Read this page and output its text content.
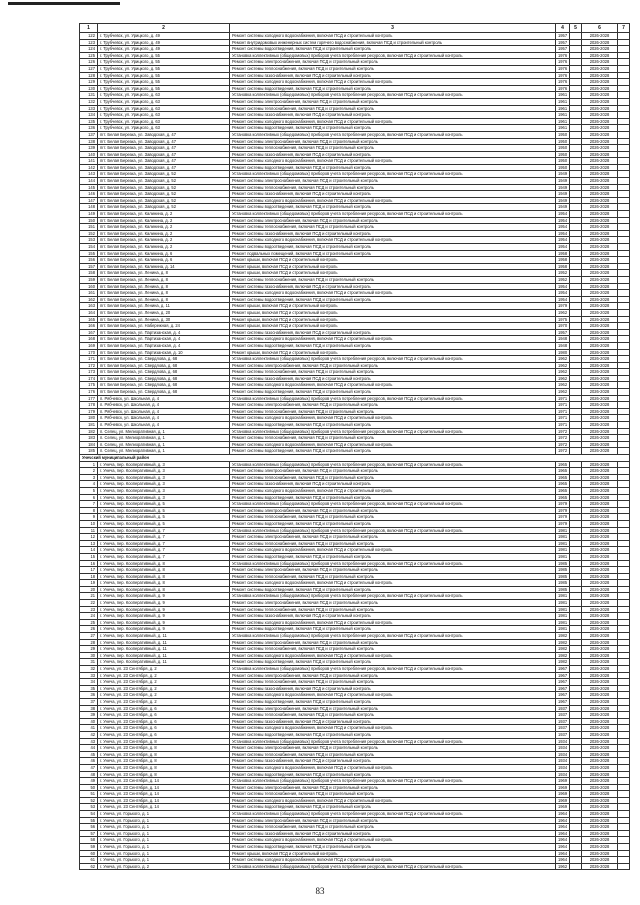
1	2	3	4	5	6	7
122	г. Трубчевск, ул. Урицкого, д. 49	Ремонт системы холодного водоснабжения, включая ПСД и строительный контроль	1957		2026-2028	
123	г. Трубчевск, ул. Урицкого, д. 49	Ремонт внутридомовых инженерных систем горячего водоснабжения, включая ПСД и строительный контроль	1957		2026-2028	
124	г. Трубчевск, ул. Урицкого, д. 49	Ремонт системы водоотведения, включая ПСД и строительный контроль	1957		2026-2028	
125	г. Трубчевск, ул. Урицкого, д. 55	Установка коллективных (общедомовых) приборов учета потребления ресурсов, включая ПСД и строительный контроль	1976		2026-2028	
126	г. Трубчевск, ул. Урицкого, д. 55	Ремонт системы электроснабжения, включая ПСД и строительный контроль	1976		2026-2028	
127	г. Трубчевск, ул. Урицкого, д. 55	Ремонт системы теплоснабжения, включая ПСД и строительный контроль	1976		2026-2028	
128	г. Трубчевск, ул. Урицкого, д. 55	Ремонт системы газоснабжения, включая ПСД и строительный контроль	1976		2026-2028	
129	г. Трубчевск, ул. Урицкого, д. 55	Ремонт системы холодного водоснабжения, включая ПСД и строительный контроль	1976		2026-2028	
130	г. Трубчевск, ул. Урицкого, д. 55	Ремонт системы водоотведения, включая ПСД и строительный контроль	1976		2026-2028	
131	г. Трубчевск, ул. Урицкого, д. 63	Установка коллективных (общедомовых) приборов учета потребления ресурсов, включая ПСД и строительный контроль	1961		2026-2028	
132	г. Трубчевск, ул. Урицкого, д. 63	Ремонт системы электроснабжения, включая ПСД и строительный контроль	1961		2026-2028	
133	г. Трубчевск, ул. Урицкого, д. 63	Ремонт системы теплоснабжения, включая ПСД и строительный контроль	1961		2026-2028	
134	г. Трубчевск, ул. Урицкого, д. 63	Ремонт системы газоснабжения, включая ПСД и строительный контроль	1961		2026-2028	
135	г. Трубчевск, ул. Урицкого, д. 63	Ремонт системы холодного водоснабжения, включая ПСД и строительный контроль	1961		2026-2028	
136	г. Трубчевск, ул. Урицкого, д. 63	Ремонт системы водоотведения, включая ПСД и строительный контроль	1961		2026-2028	
137	пгт. Белая Березка, ул. Заводская, д. 47	Установка коллективных (общедомовых) приборов учета потребления ресурсов, включая ПСД и строительный контроль	1950		2026-2028	
138	пгт. Белая Березка, ул. Заводская, д. 47	Ремонт системы электроснабжения, включая ПСД и строительный контроль	1950		2026-2028	
139	пгт. Белая Березка, ул. Заводская, д. 47	Ремонт системы теплоснабжения, включая ПСД и строительный контроль	1950		2026-2028	
140	пгт. Белая Березка, ул. Заводская, д. 47	Ремонт системы газоснабжения, включая ПСД и строительный контроль	1950		2026-2028	
141	пгт. Белая Березка, ул. Заводская, д. 47	Ремонт системы холодного водоснабжения, включая ПСД и строительный контроль	1950		2026-2028	
142	пгт. Белая Березка, ул. Заводская, д. 47	Ремонт системы водоотведения, включая ПСД и строительный контроль	1950		2026-2028	
143	пгт. Белая Березка, ул. Заводская, д. 52	Установка коллективных (общедомовых) приборов учета потребления ресурсов, включая ПСД и строительный контроль	1949		2026-2028	
144	пгт. Белая Березка, ул. Заводская, д. 52	Ремонт системы электроснабжения, включая ПСД и строительный контроль	1949		2026-2028	
145	пгт. Белая Березка, ул. Заводская, д. 52	Ремонт системы теплоснабжения, включая ПСД и строительный контроль	1949		2026-2028	
146	пгт. Белая Березка, ул. Заводская, д. 52	Ремонт системы газоснабжения, включая ПСД и строительный контроль	1949		2026-2028	
147	пгт. Белая Березка, ул. Заводская, д. 52	Ремонт системы холодного водоснабжения, включая ПСД и строительный контроль	1949		2026-2028	
148	пгт. Белая Березка, ул. Заводская, д. 52	Ремонт системы водоотведения, включая ПСД и строительный контроль	1949		2026-2028	
149	пгт. Белая Березка, ул. Калинина, д. 2	Установка коллективных (общедомовых) приборов учета потребления ресурсов, включая ПСД и строительный контроль	1954		2026-2028	
150	пгт. Белая Березка, ул. Калинина, д. 2	Ремонт системы электроснабжения, включая ПСД и строительный контроль	1954		2026-2028	
151	пгт. Белая Березка, ул. Калинина, д. 2	Ремонт системы теплоснабжения, включая ПСД и строительный контроль	1954		2026-2028	
152	пгт. Белая Березка, ул. Калинина, д. 2	Ремонт системы газоснабжения, включая ПСД и строительный контроль	1954		2026-2028	
153	пгт. Белая Березка, ул. Калинина, д. 2	Ремонт системы холодного водоснабжения, включая ПСД и строительный контроль	1954		2026-2028	
154	пгт. Белая Березка, ул. Калинина, д. 2	Ремонт системы водоотведения, включая ПСД и строительный контроль	1954		2026-2028	
155	пгт. Белая Березка, ул. Калинина, д. 6	Ремонт подвальных помещений, включая ПСД и строительный контроль	1958		2026-2028	
156	пгт. Белая Березка, ул. Калинина, д. 6	Ремонт крыши, включая ПСД и строительный контроль	1958		2026-2028	
157	пгт. Белая Березка, ул. Калинина, д. 14	Ремонт крыши, включая ПСД и строительный контроль	1958		2026-2028	
158	пгт. Белая Березка, ул. Ленина, д. 8	Ремонт крыши, включая ПСД и строительный контроль	1952		2026-2028	
159	пгт. Белая Березка, ул. Ленина, д. 8	Ремонт системы теплоснабжения, включая ПСД и строительный контроль	1952		2026-2028	
160	пгт. Белая Березка, ул. Ленина, д. 8	Ремонт системы газоснабжения, включая ПСД и строительный контроль	1954		2026-2028	
161	пгт. Белая Березка, ул. Ленина, д. 8	Ремонт системы холодного водоснабжения, включая ПСД и строительный контроль	1954		2026-2028	
162	пгт. Белая Березка, ул. Ленина, д. 8	Ремонт системы водоотведения, включая ПСД и строительный контроль	1954		2026-2028	
163	пгт. Белая Березка, ул. Ленина, д. 11	Ремонт крыши, включая ПСД и строительный контроль	1979		2026-2028	
164	пгт. Белая Березка, ул. Ленина, д. 20	Ремонт крыши, включая ПСД и строительный контроль	1962		2026-2028	
165	пгт. Белая Березка, ул. Ленина, д. 30	Ремонт крыши, включая ПСД и строительный контроль	1975		2026-2028	
166	пгт. Белая Березка, ул. Набережная, д. 24	Ремонт крыши, включая ПСД и строительный контроль	1970		2026-2028	
167	пгт. Белая Березка, ул. Партизанская, д. 4	Ремонт системы газоснабжения, включая ПСД и строительный контроль	1957		2026-2028	
168	пгт. Белая Березка, ул. Партизанская, д. 4	Ремонт системы холодного водоснабжения, включая ПСД и строительный контроль	1948		2026-2028	
169	пгт. Белая Березка, ул. Партизанская, д. 4	Ремонт системы водоотведения, включая ПСД и строительный контроль	1948		2026-2028	
170	пгт. Белая Березка, ул. Партизанская, д. 10	Ремонт крыши, включая ПСД и строительный контроль	1980		2026-2028	
171	пгт. Белая Березка, ул. Свердлова, д. 68	Установка коллективных (общедомовых) приборов учета потребления ресурсов, включая ПСД и строительный контроль	1962		2026-2028	
172	пгт. Белая Березка, ул. Свердлова, д. 68	Ремонт системы электроснабжения, включая ПСД и строительный контроль	1962		2026-2028	
173	пгт. Белая Березка, ул. Свердлова, д. 68	Ремонт системы теплоснабжения, включая ПСД и строительный контроль	1962		2026-2028	
174	пгт. Белая Березка, ул. Свердлова, д. 68	Ремонт системы газоснабжения, включая ПСД и строительный контроль	1962		2026-2028	
175	пгт. Белая Березка, ул. Свердлова, д. 68	Ремонт системы холодного водоснабжения, включая ПСД и строительный контроль	1962		2026-2028	
176	пгт. Белая Березка, ул. Свердлова, д. 68	Ремонт системы водоотведения, включая ПСД и строительный контроль	1962		2026-2028	
177	п. Рябчевск, ул. Школьная, д. 4	Установка коллективных (общедомовых) приборов учета потребления ресурсов, включая ПСД и строительный контроль	1971		2026-2028	
178	п. Рябчевск, ул. Школьная, д. 4	Ремонт системы электроснабжения, включая ПСД и строительный контроль	1971		2026-2028	
179	п. Рябчевск, ул. Школьная, д. 4	Ремонт системы теплоснабжения, включая ПСД и строительный контроль	1971		2026-2028	
180	п. Рябчевск, ул. Школьная, д. 4	Ремонт системы холодного водоснабжения, включая ПСД и строительный контроль	1971		2026-2028	
181	п. Рябчевск, ул. Школьная, д. 4	Ремонт системы водоотведения, включая ПСД и строительный контроль	1971		2026-2028	
182	п. Селец, ул. Мелиоративная, д. 1	Установка коллективных (общедомовых) приборов учета потребления ресурсов, включая ПСД и строительный контроль	1972		2026-2028	
183	п. Селец, ул. Мелиоративная, д. 1	Ремонт системы теплоснабжения, включая ПСД и строительный контроль	1972		2026-2028	
184	п. Селец, ул. Мелиоративная, д. 1	Ремонт системы холодного водоснабжения, включая ПСД и строительный контроль	1972		2026-2028	
185	п. Селец, ул. Мелиоративная, д. 1	Ремонт системы водоотведения, включая ПСД и строительный контроль	1972		2026-2028	
Унечский муниципальный район						
1	г. Унеча, пер. Кооперативный, д. 3	Установка коллективных (общедомовых) приборов учета потребления ресурсов, включая ПСД и строительный контроль	1965		2026-2028	
2	г. Унеча, пер. Кооперативный, д. 3	Ремонт системы электроснабжения, включая ПСД и строительный контроль	1965		2026-2028	
3	г. Унеча, пер. Кооперативный, д. 3	Ремонт системы теплоснабжения, включая ПСД и строительный контроль	1965		2026-2028	
4	г. Унеча, пер. Кооперативный, д. 3	Ремонт системы газоснабжения, включая ПСД и строительный контроль	1965		2026-2028	
5	г. Унеча, пер. Кооперативный, д. 3	Ремонт системы холодного водоснабжения, включая ПСД и строительный контроль	1965		2026-2028	
6	г. Унеча, пер. Кооперативный, д. 3	Ремонт системы водоотведения, включая ПСД и строительный контроль	1965		2026-2028	
7	г. Унеча, пер. Кооперативный, д. 5	Установка коллективных (общедомовых) приборов учета потребления ресурсов, включая ПСД и строительный контроль	1979		2026-2028	
8	г. Унеча, пер. Кооперативный, д. 5	Ремонт системы электроснабжения, включая ПСД и строительный контроль	1979		2026-2028	
9	г. Унеча, пер. Кооперативный, д. 5	Ремонт системы теплоснабжения, включая ПСД и строительный контроль	1979		2026-2028	
10	г. Унеча, пер. Кооперативный, д. 5	Ремонт системы водоотведения, включая ПСД и строительный контроль	1979		2026-2028	
11	г. Унеча, пер. Кооперативный, д. 7	Установка коллективных (общедомовых) приборов учета потребления ресурсов, включая ПСД и строительный контроль	1981		2026-2028	
12	г. Унеча, пер. Кооперативный, д. 7	Ремонт системы электроснабжения, включая ПСД и строительный контроль	1981		2026-2028	
13	г. Унеча, пер. Кооперативный, д. 7	Ремонт системы теплоснабжения, включая ПСД и строительный контроль	1981		2026-2028	
14	г. Унеча, пер. Кооперативный, д. 7	Ремонт системы холодного водоснабжения, включая ПСД и строительный контроль	1981		2026-2028	
15	г. Унеча, пер. Кооперативный, д. 7	Ремонт системы водоотведения, включая ПСД и строительный контроль	1981		2026-2028	
16	г. Унеча, пер. Кооперативный, д. 8	Установка коллективных (общедомовых) приборов учета потребления ресурсов, включая ПСД и строительный контроль	1985		2026-2028	
17	г. Унеча, пер. Кооперативный, д. 8	Ремонт системы электроснабжения, включая ПСД и строительный контроль	1985		2026-2028	
18	г. Унеча, пер. Кооперативный, д. 8	Ремонт системы теплоснабжения, включая ПСД и строительный контроль	1985		2026-2028	
19	г. Унеча, пер. Кооперативный, д. 8	Ремонт системы холодного водоснабжения, включая ПСД и строительный контроль	1985		2026-2028	
20	г. Унеча, пер. Кооперативный, д. 8	Ремонт системы водоотведения, включая ПСД и строительный контроль	1985		2026-2028	
21	г. Унеча, пер. Кооперативный, д. 9	Установка коллективных (общедомовых) приборов учета потребления ресурсов, включая ПСД и строительный контроль	1981		2026-2028	
22	г. Унеча, пер. Кооперативный, д. 9	Ремонт системы электроснабжения, включая ПСД и строительный контроль	1981		2026-2028	
23	г. Унеча, пер. Кооперативный, д. 9	Ремонт системы теплоснабжения, включая ПСД и строительный контроль	1981		2026-2028	
24	г. Унеча, пер. Кооперативный, д. 9	Ремонт системы газоснабжения, включая ПСД и строительный контроль	1981		2026-2028	
25	г. Унеча, пер. Кооперативный, д. 9	Ремонт системы холодного водоснабжения, включая ПСД и строительный контроль	1981		2026-2028	
26	г. Унеча, пер. Кооперативный, д. 9	Ремонт системы водоотведения, включая ПСД и строительный контроль	1981		2026-2028	
27	г. Унеча, пер. Кооперативный, д. 11	Установка коллективных (общедомовых) приборов учета потребления ресурсов, включая ПСД и строительный контроль	1982		2026-2028	
28	г. Унеча, пер. Кооперативный, д. 11	Ремонт системы электроснабжения, включая ПСД и строительный контроль	1982		2026-2028	
29	г. Унеча, пер. Кооперативный, д. 11	Ремонт системы теплоснабжения, включая ПСД и строительный контроль	1982		2026-2028	
30	г. Унеча, пер. Кооперативный, д. 11	Ремонт системы холодного водоснабжения, включая ПСД и строительный контроль	1982		2026-2028	
31	г. Унеча, пер. Кооперативный, д. 11	Ремонт системы водоотведения, включая ПСД и строительный контроль	1982		2026-2028	
32	г. Унеча, ул. 23 Сентября, д. 2	Установка коллективных (общедомовых) приборов учета потребления ресурсов, включая ПСД и строительный контроль	1967		2026-2028	
33	г. Унеча, ул. 23 Сентября, д. 2	Ремонт системы электроснабжения, включая ПСД и строительный контроль	1967		2026-2028	
34	г. Унеча, ул. 23 Сентября, д. 2	Ремонт системы теплоснабжения, включая ПСД и строительный контроль	1967		2026-2028	
35	г. Унеча, ул. 23 Сентября, д. 2	Ремонт системы газоснабжения, включая ПСД и строительный контроль	1967		2026-2028	
36	г. Унеча, ул. 23 Сентября, д. 2	Ремонт системы холодного водоснабжения, включая ПСД и строительный контроль	1967		2026-2028	
37	г. Унеча, ул. 23 Сентября, д. 2	Ремонт системы водоотведения, включая ПСД и строительный контроль	1967		2026-2028	
38	г. Унеча, ул. 23 Сентября, д. 6	Ремонт системы электроснабжения, включая ПСД и строительный контроль	1937		2026-2028	
39	г. Унеча, ул. 23 Сентября, д. 6	Ремонт системы теплоснабжения, включая ПСД и строительный контроль	1937		2026-2028	
40	г. Унеча, ул. 23 Сентября, д. 6	Ремонт системы газоснабжения, включая ПСД и строительный контроль	1937		2026-2028	
41	г. Унеча, ул. 23 Сентября, д. 6	Ремонт системы холодного водоснабжения, включая ПСД и строительный контроль	1937		2026-2028	
42	г. Унеча, ул. 23 Сентября, д. 6	Ремонт системы водоотведения, включая ПСД и строительный контроль	1937		2026-2028	
43	г. Унеча, ул. 23 Сентября, д. 8	Установка коллективных (общедомовых) приборов учета потребления ресурсов, включая ПСД и строительный контроль	1934		2026-2028	
44	г. Унеча, ул. 23 Сентября, д. 8	Ремонт системы электроснабжения, включая ПСД и строительный контроль	1934		2026-2028	
45	г. Унеча, ул. 23 Сентября, д. 8	Ремонт системы теплоснабжения, включая ПСД и строительный контроль	1934		2026-2028	
46	г. Унеча, ул. 23 Сентября, д. 8	Ремонт системы газоснабжения, включая ПСД и строительный контроль	1934		2026-2028	
47	г. Унеча, ул. 23 Сентября, д. 8	Ремонт системы холодного водоснабжения, включая ПСД и строительный контроль	1934		2026-2028	
48	г. Унеча, ул. 23 Сентября, д. 8	Ремонт системы водоотведения, включая ПСД и строительный контроль	1934		2026-2028	
49	г. Унеча, ул. 23 Сентября, д. 14	Установка коллективных (общедомовых) приборов учета потребления ресурсов, включая ПСД и строительный контроль	1969		2026-2028	
50	г. Унеча, ул. 23 Сентября, д. 14	Ремонт системы электроснабжения, включая ПСД и строительный контроль	1969		2026-2028	
51	г. Унеча, ул. 23 Сентября, д. 14	Ремонт системы теплоснабжения, включая ПСД и строительный контроль	1969		2026-2028	
52	г. Унеча, ул. 23 Сентября, д. 14	Ремонт системы холодного водоснабжения, включая ПСД и строительный контроль	1969		2026-2028	
53	г. Унеча, ул. 23 Сентября, д. 14	Ремонт системы водоотведения, включая ПСД и строительный контроль	1969		2026-2028	
54	г. Унеча, ул. Горького, д. 1	Установка коллективных (общедомовых) приборов учета потребления ресурсов, включая ПСД и строительный контроль	1964		2026-2028	
55	г. Унеча, ул. Горького, д. 1	Ремонт системы электроснабжения, включая ПСД и строительный контроль	1964		2026-2028	
56	г. Унеча, ул. Горького, д. 1	Ремонт системы теплоснабжения, включая ПСД и строительный контроль	1964		2026-2028	
57	г. Унеча, ул. Горького, д. 1	Ремонт системы газоснабжения, включая ПСД и строительный контроль	1964		2026-2028	
58	г. Унеча, ул. Горького, д. 1	Ремонт системы холодного водоснабжения, включая ПСД и строительный контроль	1964		2026-2028	
59	г. Унеча, ул. Горького, д. 1	Ремонт системы водоотведения, включая ПСД и строительный контроль	1964		2026-2028	
60	г. Унеча, ул. Горького, д. 1	Ремонт крыши, включая ПСД и строительный контроль	1964		2026-2028	
61	г. Унеча, ул. Горького, д. 1	Ремонт системы холодного водоснабжения, включая ПСД и строительный контроль	1964		2026-2028	
62	г. Унеча, ул. Горького, д. 2	Установка коллективных (общедомовых) приборов учета потребления ресурсов, включая ПСД и строительный контроль	1962		2026-2028	
83
